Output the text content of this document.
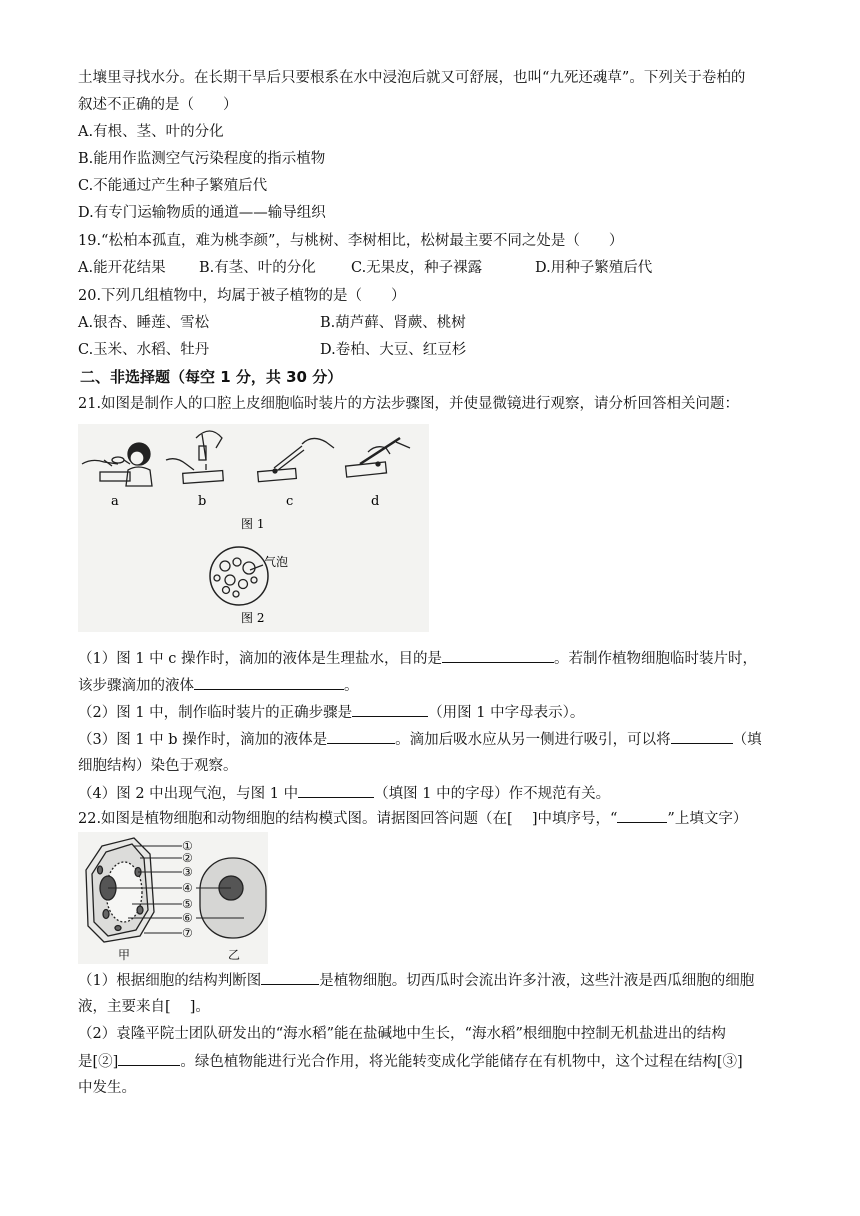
土壤里寻找水分。在长期干旱后只要根系在水中浸泡后就又可舒展，也叫“九死还魂草”。下列关于卷柏的
叙述不正确的是（　　）
A.有根、茎、叶的分化
B.能用作监测空气污染程度的指示植物
C.不能通过产生种子繁殖后代
D.有专门运输物质的通道——输导组织
19.“松柏本孤直，难为桃李颜”，与桃树、李树相比，松树最主要不同之处是（　　）
A.能开花结果 B.有茎、叶的分化 C.无果皮，种子裸露	D.用种子繁殖后代
20.下列几组植物中，均属于被子植物的是（　　）
A.银杏、睡莲、雪松	B.葫芦藓、肾蕨、桃树
C.玉米、水稻、牡丹	D.卷柏、大豆、红豆杉
二、非选择题（每空 1 分，共 30 分）
21.如图是制作人的口腔上皮细胞临时装片的方法步骤图，并使显微镜进行观察，请分析回答相关问题：
a	b	c	d
图 1
气泡
图 2
（1）图 1 中 c 操作时，滴加的液体是生理盐水，目的是	。若制作植物细胞临时装片时，
该步骤滴加的液体	。
（2）图 1 中，制作临时装片的正确步骤是	（用图 1 中字母表示）。
（3）图 1 中 b 操作时，滴加的液体是	。滴加后吸水应从另一侧进行吸引，可以将	（填
细胞结构）染色于观察。
（4）图 2 中出现气泡，与图 1 中	（填图 1 中的字母）作不规范有关。
22.如图是植物细胞和动物细胞的结构模式图。请据图回答问题（在[　 ]中填序号，“	”上填文字）
①
②
③
④
⑤
⑥
⑦
甲	乙
（1）根据细胞的结构判断图	是植物细胞。切西瓜时会流出许多汁液，这些汁液是西瓜细胞的细胞
液，主要来自[　 ]。
（2）袁隆平院士团队研发出的“海水稻”能在盐碱地中生长，“海水稻”根细胞中控制无机盐进出的结构
是[②]	。绿色植物能进行光合作用，将光能转变成化学能储存在有机物中，这个过程在结构[③]
中发生。
